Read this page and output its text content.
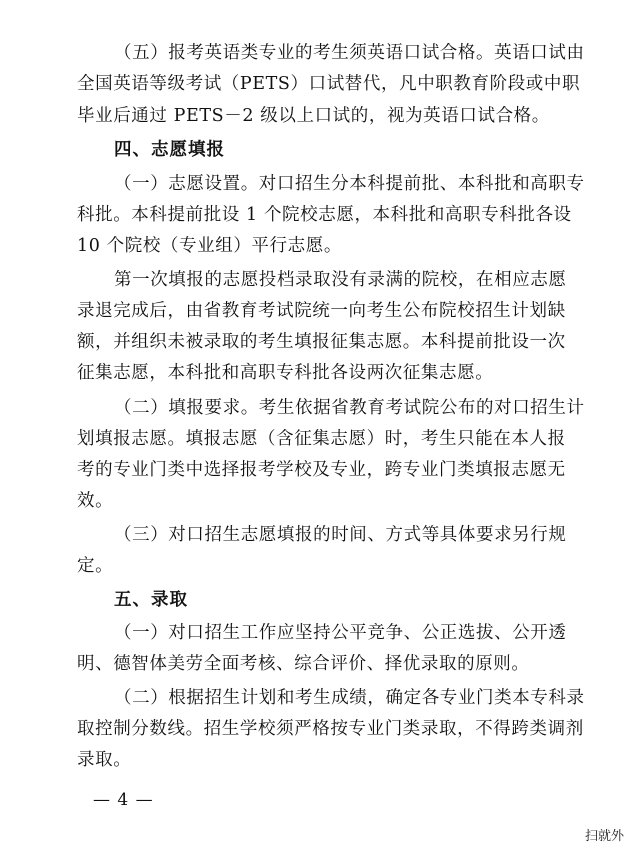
（五）报考英语类专业的考生须英语口试合格。英语口试由

全国英语等级考试（PETS）口试替代，凡中职教育阶段或中职

毕业后通过 PETS－2 级以上口试的，视为英语口试合格。

四、志愿填报

（一）志愿设置。对口招生分本科提前批、本科批和高职专

科批。本科提前批设 1 个院校志愿，本科批和高职专科批各设

10 个院校（专业组）平行志愿。

第一次填报的志愿投档录取没有录满的院校，在相应志愿

录退完成后，由省教育考试院统一向考生公布院校招生计划缺

额，并组织未被录取的考生填报征集志愿。本科提前批设一次

征集志愿，本科批和高职专科批各设两次征集志愿。

（二）填报要求。考生依据省教育考试院公布的对口招生计

划填报志愿。填报志愿（含征集志愿）时，考生只能在本人报

考的专业门类中选择报考学校及专业，跨专业门类填报志愿无

效。

（三）对口招生志愿填报的时间、方式等具体要求另行规

定。

五、录取

（一）对口招生工作应坚持公平竞争、公正选拔、公开透

明、德智体美劳全面考核、综合评价、择优录取的原则。

（二）根据招生计划和考生成绩，确定各专业门类本专科录

取控制分数线。招生学校须严格按专业门类录取，不得跨类调剂

录取。

— 4 —
扫就外
